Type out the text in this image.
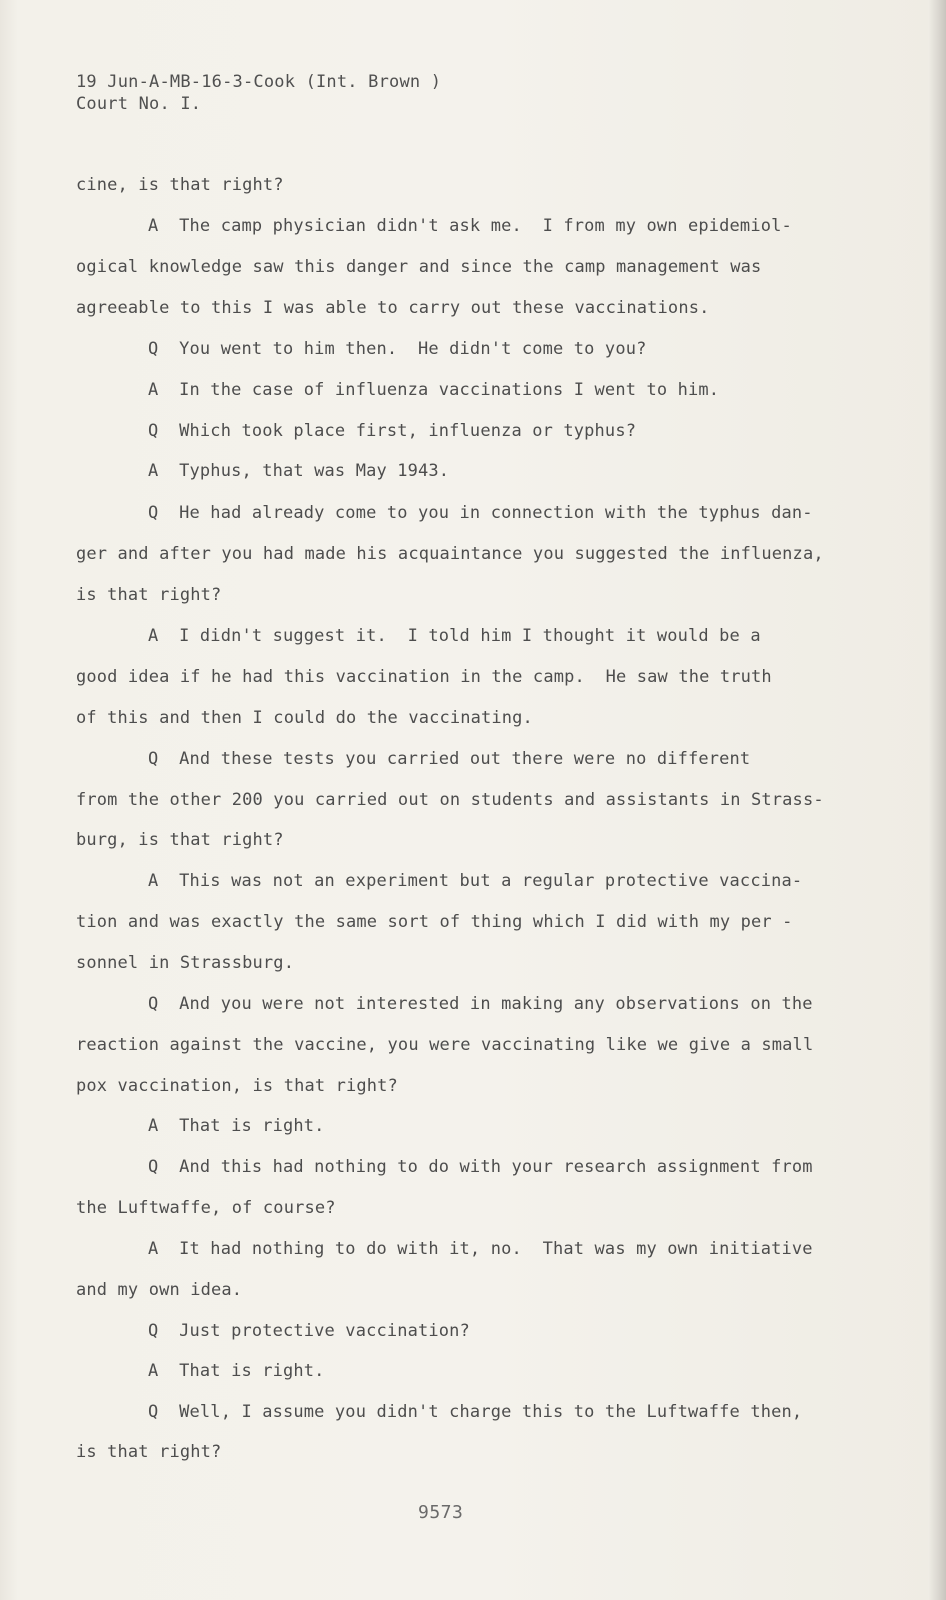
19 Jun-A-MB-16-3-Cook (Int. Brown )
Court No. I.
cine, is that right?
A  The camp physician didn't ask me.  I from my own epidemiol-
ogical knowledge saw this danger and since the camp management was
agreeable to this I was able to carry out these vaccinations.
Q  You went to him then.  He didn't come to you?
A  In the case of influenza vaccinations I went to him.
Q  Which took place first, influenza or typhus?
A  Typhus, that was May 1943.
Q  He had already come to you in connection with the typhus dan-
ger and after you had made his acquaintance you suggested the influenza,
is that right?
A  I didn't suggest it.  I told him I thought it would be a
good idea if he had this vaccination in the camp.  He saw the truth
of this and then I could do the vaccinating.
Q  And these tests you carried out there were no different
from the other 200 you carried out on students and assistants in Strass-
burg, is that right?
A  This was not an experiment but a regular protective vaccina-
tion and was exactly the same sort of thing which I did with my per -
sonnel in Strassburg.
Q  And you were not interested in making any observations on the
reaction against the vaccine, you were vaccinating like we give a small
pox vaccination, is that right?
A  That is right.
Q  And this had nothing to do with your research assignment from
the Luftwaffe, of course?
A  It had nothing to do with it, no.  That was my own initiative
and my own idea.
Q  Just protective vaccination?
A  That is right.
Q  Well, I assume you didn't charge this to the Luftwaffe then,
is that right?
9573
